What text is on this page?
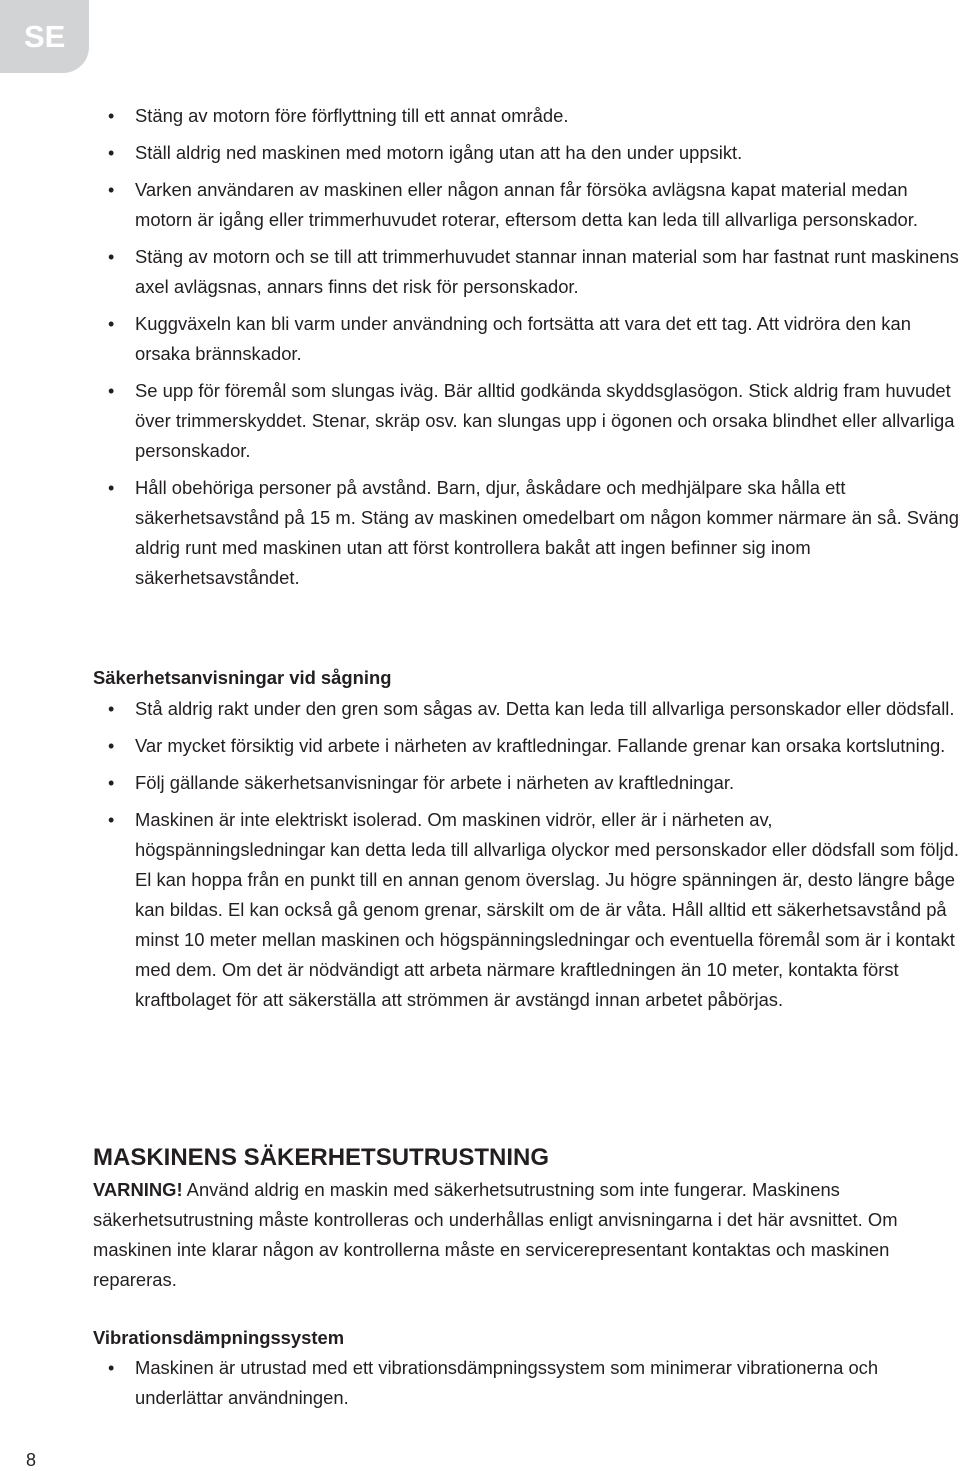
SE
• Stäng av motorn före förflyttning till ett annat område.
• Ställ aldrig ned maskinen med motorn igång utan att ha den under uppsikt.
• Varken användaren av maskinen eller någon annan får försöka avlägsna kapat material medan motorn är igång eller trimmerhuvudet roterar, eftersom detta kan leda till allvarliga personskador.
• Stäng av motorn och se till att trimmerhuvudet stannar innan material som har fastnat runt maskinens axel avlägsnas, annars finns det risk för personskador.
• Kuggväxeln kan bli varm under användning och fortsätta att vara det ett tag. Att vidröra den kan orsaka brännskador.
• Se upp för föremål som slungas iväg. Bär alltid godkända skyddsglasögon. Stick aldrig fram huvudet över trimmerskyddet. Stenar, skräp osv. kan slungas upp i ögonen och orsaka blindhet eller allvarliga personskador.
• Håll obehöriga personer på avstånd. Barn, djur, åskådare och medhjälpare ska hålla ett säkerhetsavstånd på 15 m. Stäng av maskinen omedelbart om någon kommer närmare än så. Sväng aldrig runt med maskinen utan att först kontrollera bakåt att ingen befinner sig inom säkerhetsavståndet.
Säkerhetsanvisningar vid sågning
• Stå aldrig rakt under den gren som sågas av. Detta kan leda till allvarliga personskador eller dödsfall.
• Var mycket försiktig vid arbete i närheten av kraftledningar. Fallande grenar kan orsaka kortslutning.
• Följ gällande säkerhetsanvisningar för arbete i närheten av kraftledningar.
• Maskinen är inte elektriskt isolerad. Om maskinen vidrör, eller är i närheten av, högspänningsledningar kan detta leda till allvarliga olyckor med personskador eller dödsfall som följd. El kan hoppa från en punkt till en annan genom överslag. Ju högre spänningen är, desto längre båge kan bildas. El kan också gå genom grenar, särskilt om de är våta. Håll alltid ett säkerhetsavstånd på minst 10 meter mellan maskinen och högspänningsledningar och eventuella föremål som är i kontakt med dem. Om det är nödvändigt att arbeta närmare kraftledningen än 10 meter, kontakta först kraftbolaget för att säkerställa att strömmen är avstängd innan arbetet påbörjas.
MASKINENS SÄKERHETSUTRUSTNING

VARNING! Använd aldrig en maskin med säkerhetsutrustning som inte fungerar. Maskinens säkerhetsutrustning måste kontrolleras och underhållas enligt anvisningarna i det här avsnittet. Om maskinen inte klarar någon av kontrollerna måste en servicerepresentant kontaktas och maskinen repareras.

Vibrationsdämpningssystem
• Maskinen är utrustad med ett vibrationsdämpningssystem som minimerar vibrationerna och underlättar användningen.
8
